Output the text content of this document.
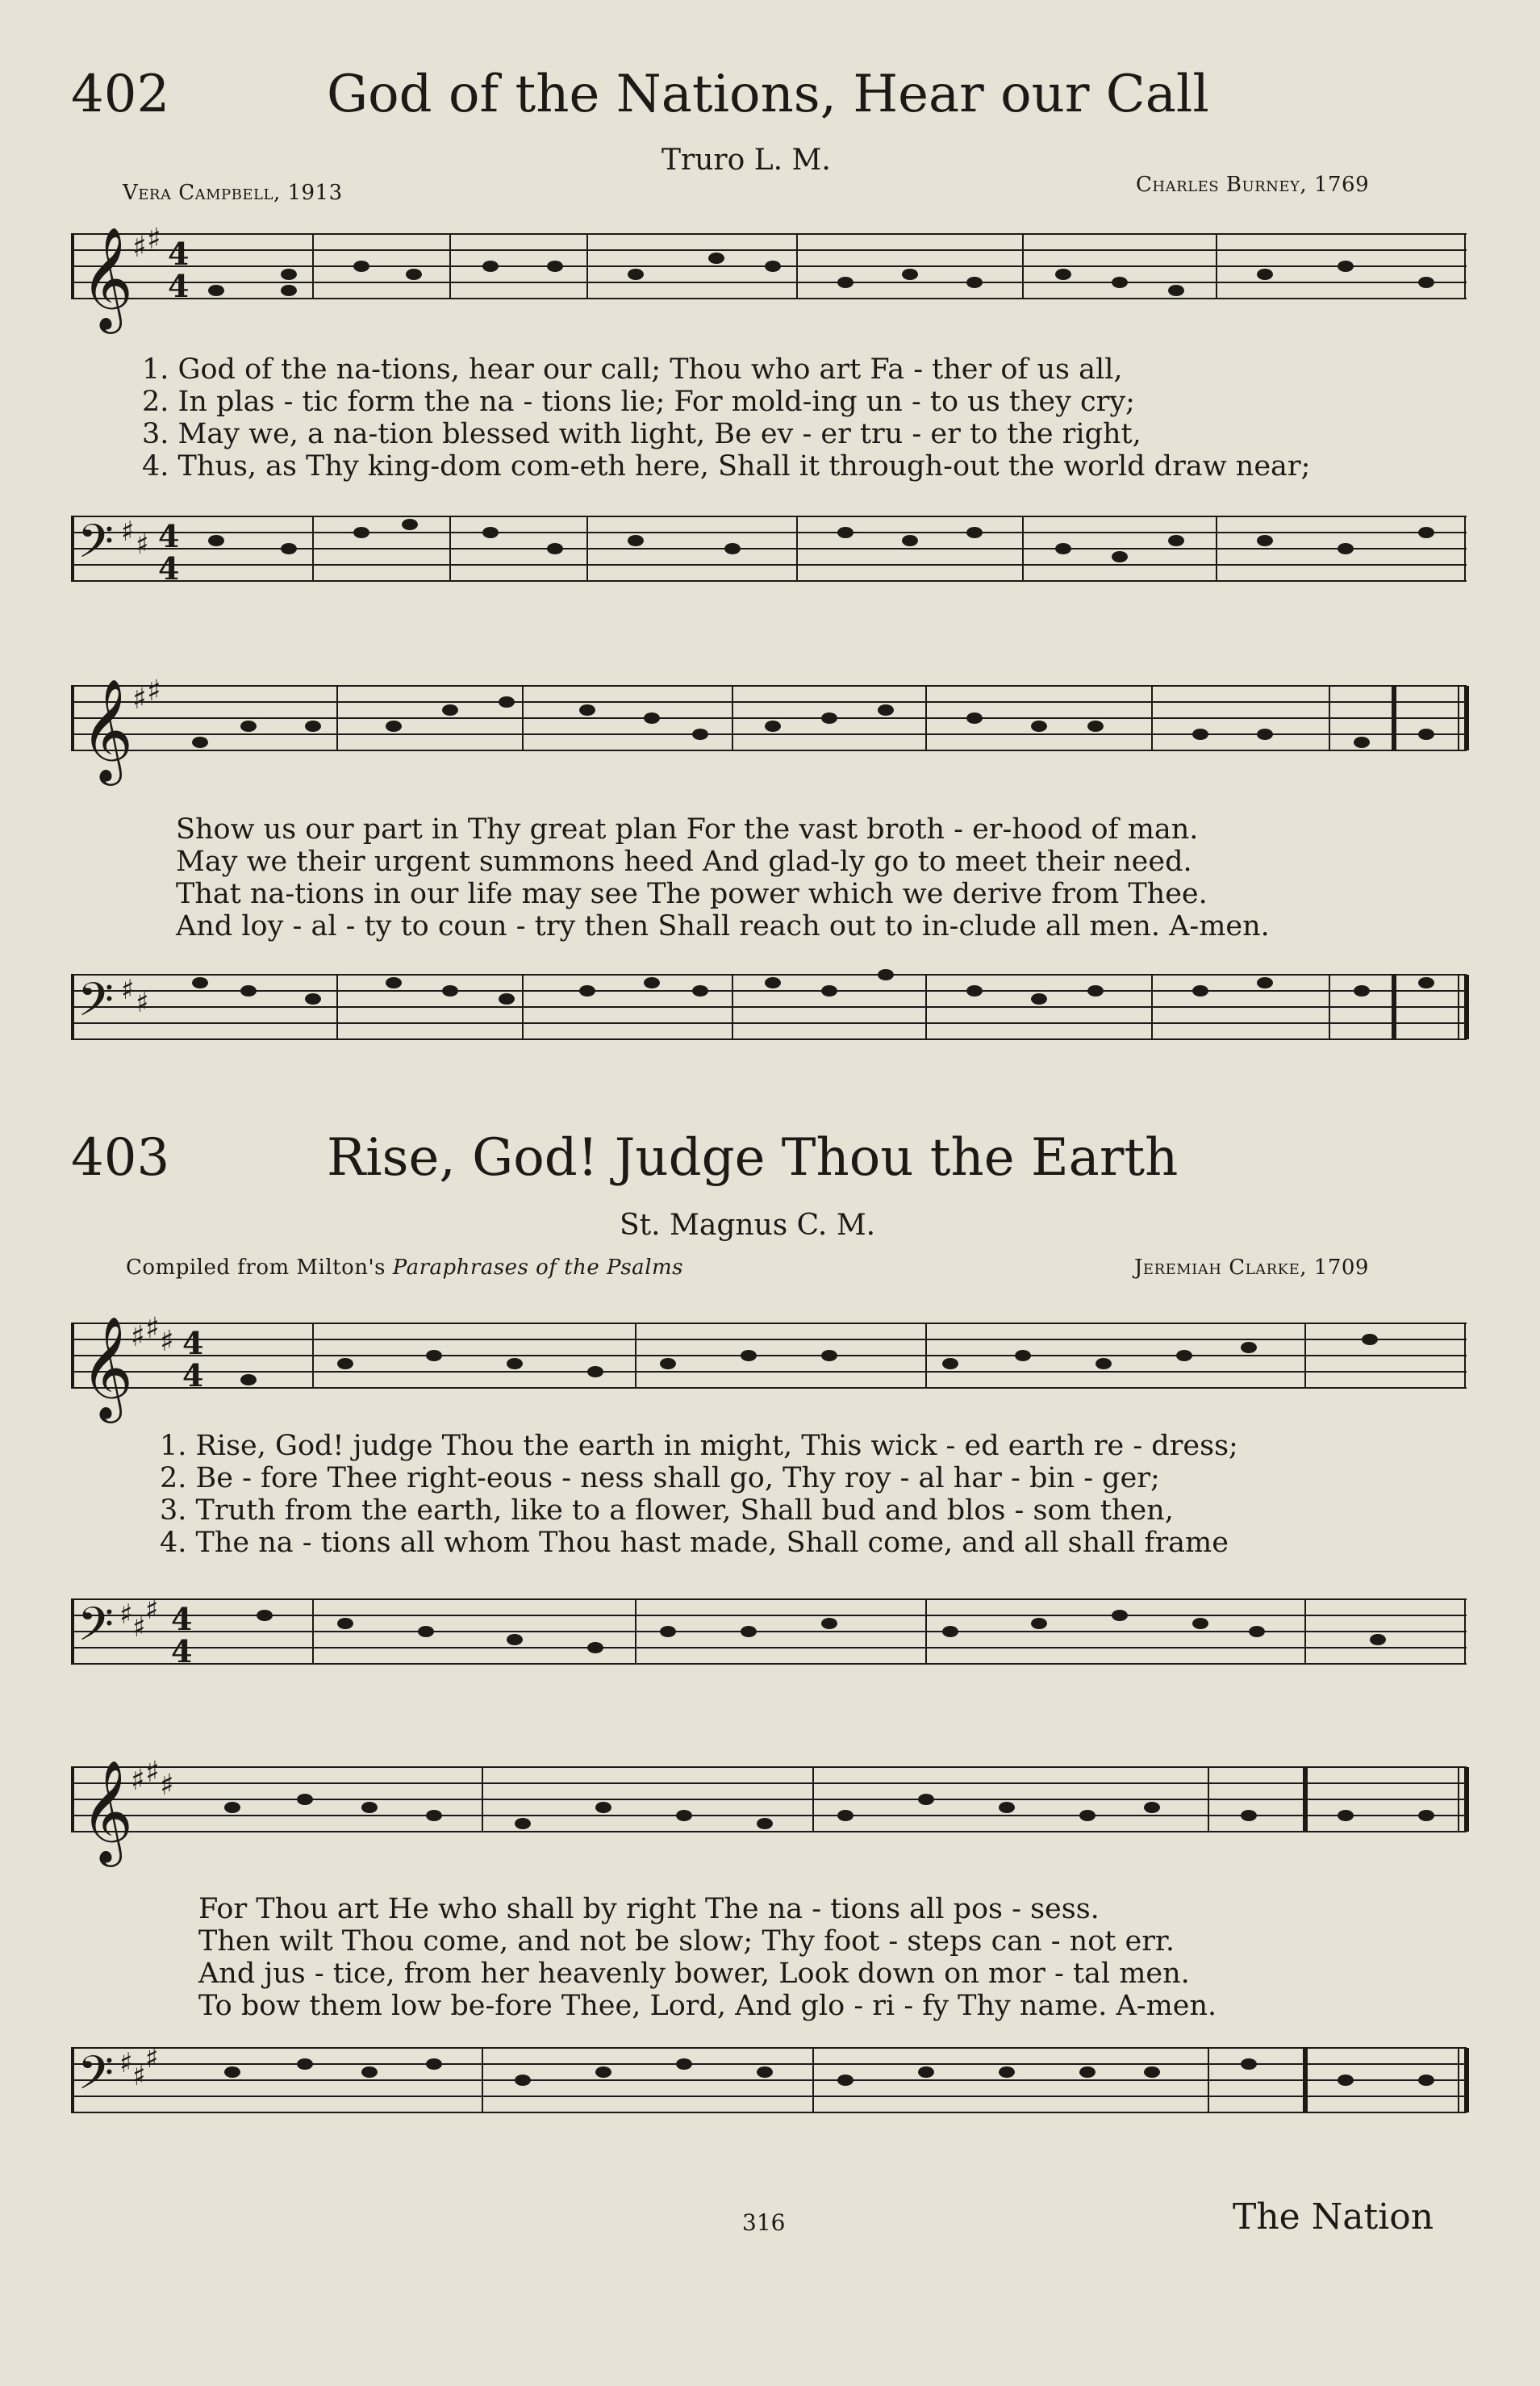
402	God of the Nations, Hear our Call
Truro L. M.
Vera Campbell, 1913	Charles Burney, 1769
𝄞
♯ ♯ 4
4
1. God of the na-tions, hear our call; Thou who art Fa - ther of us all,
2. In plas - tic form the na - tions lie; For mold-ing un - to us they cry;
3. May we, a na-tion blessed with light, Be ev - er tru - er to the right,
4. Thus, as Thy king-dom com-eth here, Shall it through-out the world draw near;
𝄢 ♯ ♯ 4
4
𝄞
♯ ♯
Show us our part in Thy great plan For the vast broth - er-hood of man.
May we their urgent summons heed And glad-ly go to meet their need.
That na-tions in our life may see The power which we derive from Thee.
And loy - al - ty to coun - try then Shall reach out to in-clude all men. A-men.
𝄢 ♯ ♯
403	Rise, God! Judge Thou the Earth
St. Magnus C. M.
Compiled from Milton's Paraphrases of the Psalms	Jeremiah Clarke, 1709
𝄞
♯ ♯ ♯ 4
4
1. Rise, God! judge Thou the earth in might, This wick - ed earth re - dress;
2. Be - fore Thee right-eous - ness shall go, Thy roy - al har - bin - ger;
3. Truth from the earth, like to a flower, Shall bud and blos - som then,
4. The na - tions all whom Thou hast made, Shall come, and all shall frame
𝄢 ♯ ♯
♯ 4
4
𝄞
♯ ♯ ♯
For Thou art He who shall by right The na - tions all pos - sess.
Then wilt Thou come, and not be slow; Thy foot - steps can - not err.
And jus - tice, from her heavenly bower, Look down on mor - tal men.
To bow them low be-fore Thee, Lord, And glo - ri - fy Thy name. A-men.
𝄢 ♯ ♯
♯
316	The Nation
